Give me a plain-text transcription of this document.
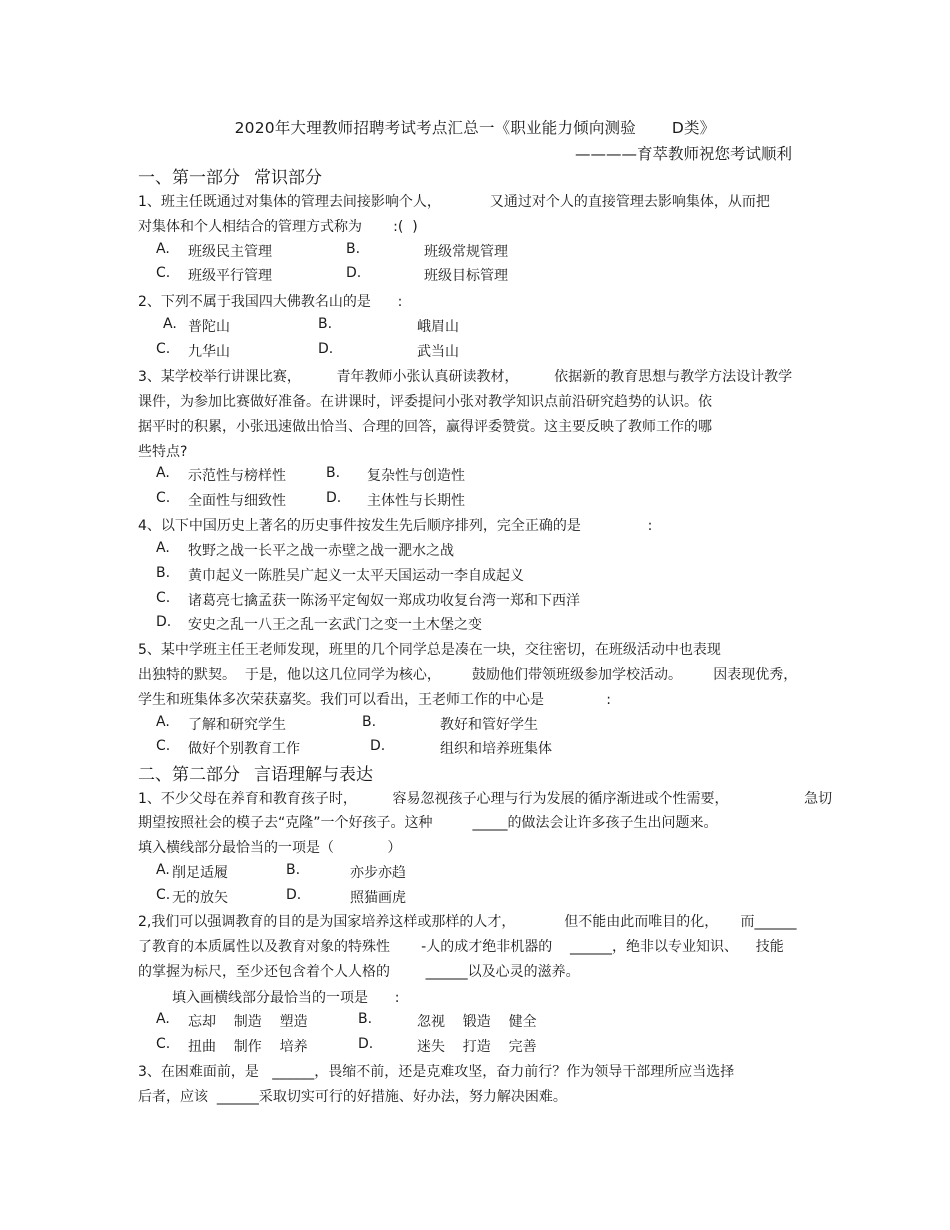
2020年大理教师招聘考试考点汇总一《职业能力倾向测验       D类》
————育萃教师祝您考试顺利
一、第一部分 常识部分
1、班主任既通过对集体的管理去间接影响个人，           又通过对个人的直接管理去影响集体，从而把
对集体和个人相结合的管理方式称为       :(  )
A. 班级民主管理	B.	班级常规管理
C. 班级平行管理	D.	班级目标管理
2、下列不属于我国四大佛教名山的是      :
A. 普陀山	B.	峨眉山
C. 九华山	D.	武当山
3、某学校举行讲课比赛，        青年教师小张认真研读教材，        依据新的教育思想与教学方法设计教学
课件，为参加比赛做好准备。在讲课时，评委提问小张对教学知识点前沿研究趋势的认识。依
据平时的积累，小张迅速做出恰当、合理的回答，赢得评委赞赏。这主要反映了教师工作的哪
些特点?
A. 示范性与榜样性	B. 复杂性与创造性
C. 全面性与细致性	D. 主体性与长期性
4、以下中国历史上著名的历史事件按发生先后顺序排列，完全正确的是               :
A. 牧野之战一长平之战一赤壁之战一淝水之战
B. 黄巾起义一陈胜吴广起义一太平天国运动一李自成起义
C. 诸葛亮七擒孟获一陈汤平定匈奴一郑成功收复台湾一郑和下西洋
D. 安史之乱一八王之乱一玄武门之变一土木堡之变
5、某中学班主任王老师发现，班里的几个同学总是凑在一块，交往密切，在班级活动中也表现
出独特的默契。  于是，他以这几位同学为核心，       鼓励他们带领班级参加学校活动。       因表现优秀，
学生和班集体多次荣获嘉奖。我们可以看出，王老师工作的中心是              :
A. 了解和研究学生	B.	教好和管好学生
C. 做好个别教育工作	D.	组织和培养班集体
二、第二部分 言语理解与表达
1、不少父母在养育和教育孩子时，        容易忽视孩子心理与行为发展的循序渐进或个性需要，                 急切
期望按照社会的模子去“克隆”一个好孩子。这种         _____的做法会让许多孩子生出问题来。
填入横线部分最恰当的一项是（            ）
A. 削足适履	B.	亦步亦趋
C. 无的放矢	D.	照猫画虎
2,我们可以强调教育的目的是为国家培养这样或那样的人才，           但不能由此而唯目的化，     而______
了教育的本质属性以及教育对象的特殊性       -人的成才绝非机器的    ______，绝非以专业知识、    技能
的掌握为标尺，至少还包含着个人人格的        ______以及心灵的滋养。
填入画横线部分最恰当的一项是      :
A. 忘却    制造    塑造	B.	忽视    锻造    健全
C. 扭曲    制作    培养	D.	迷失    打造    完善
3、在困难面前，是   ______，畏缩不前，还是克难攻坚，奋力前行？作为领导干部理所应当选择
后者，应该  ______采取切实可行的好措施、好办法，努力解决困难。
